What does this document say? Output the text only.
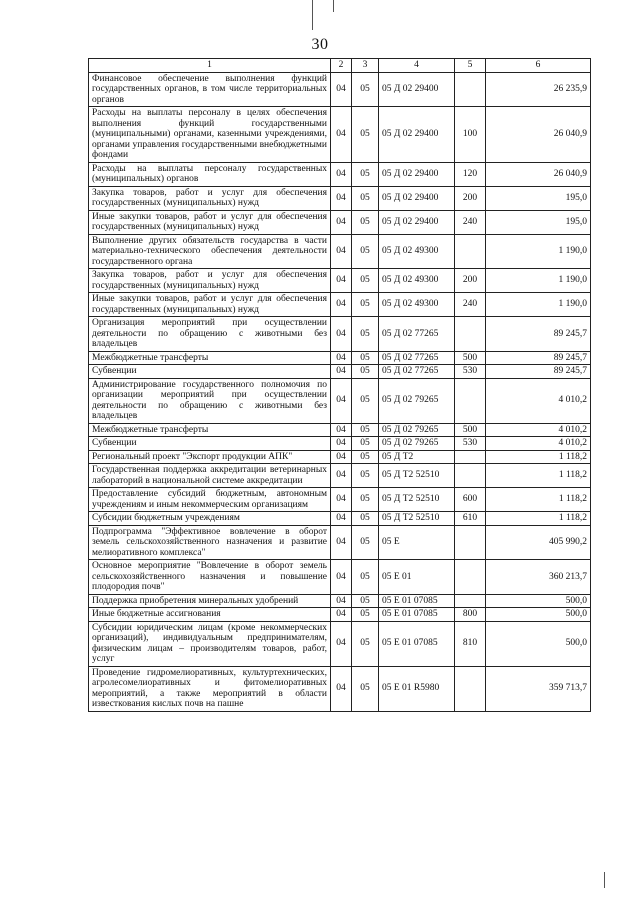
30
1	2	3	4	5	6
Финансовое обеспечение выполнения функций государственных органов, в том числе территориальных органов	04	05	05 Д 02 29400		26 235,9
Расходы на выплаты персоналу в целях обеспечения выполнения функций государственными (муниципальными) органами, казенными учреждениями, органами управления государственными внебюджетными фондами	04	05	05 Д 02 29400	100	26 040,9
Расходы на выплаты персоналу государственных (муниципальных) органов	04	05	05 Д 02 29400	120	26 040,9
Закупка товаров, работ и услуг для обеспечения государственных (муниципальных) нужд	04	05	05 Д 02 29400	200	195,0
Иные закупки товаров, работ и услуг для обеспечения государственных (муниципальных) нужд	04	05	05 Д 02 29400	240	195,0
Выполнение других обязательств государства в части материально-технического обеспечения деятельности государственного органа	04	05	05 Д 02 49300		1 190,0
Закупка товаров, работ и услуг для обеспечения государственных (муниципальных) нужд	04	05	05 Д 02 49300	200	1 190,0
Иные закупки товаров, работ и услуг для обеспечения государственных (муниципальных) нужд	04	05	05 Д 02 49300	240	1 190,0
Организация мероприятий при осуществлении деятельности по обращению с животными без владельцев	04	05	05 Д 02 77265		89 245,7
Межбюджетные трансферты	04	05	05 Д 02 77265	500	89 245,7
Субвенции	04	05	05 Д 02 77265	530	89 245,7
Администрирование государственного полномочия по организации мероприятий при осуществлении деятельности по обращению с животными без владельцев	04	05	05 Д 02 79265		4 010,2
Межбюджетные трансферты	04	05	05 Д 02 79265	500	4 010,2
Субвенции	04	05	05 Д 02 79265	530	4 010,2
Региональный проект "Экспорт продукции АПК"	04	05	05 Д Т2		1 118,2
Государственная поддержка аккредитации ветеринарных лабораторий в национальной системе аккредитации	04	05	05 Д Т2 52510		1 118,2
Предоставление субсидий бюджетным, автономным учреждениям и иным некоммерческим организациям	04	05	05 Д Т2 52510	600	1 118,2
Субсидии бюджетным учреждениям	04	05	05 Д Т2 52510	610	1 118,2
Подпрограмма "Эффективное вовлечение в оборот земель сельскохозяйственного назначения и развитие мелиоративного комплекса"	04	05	05 Е		405 990,2
Основное мероприятие "Вовлечение в оборот земель сельскохозяйственного назначения и повышение плодородия почв"	04	05	05 Е 01		360 213,7
Поддержка приобретения минеральных удобрений	04	05	05 Е 01 07085		500,0
Иные бюджетные ассигнования	04	05	05 Е 01 07085	800	500,0
Субсидии юридическим лицам (кроме некоммерческих организаций), индивидуальным предпринимателям, физическим лицам – производителям товаров, работ, услуг	04	05	05 Е 01 07085	810	500,0
Проведение гидромелиоративных, культуртехнических, агролесомелиоративных и фитомелиоративных мероприятий, а также мероприятий в области известкования кислых почв на пашне	04	05	05 Е 01 R5980		359 713,7
